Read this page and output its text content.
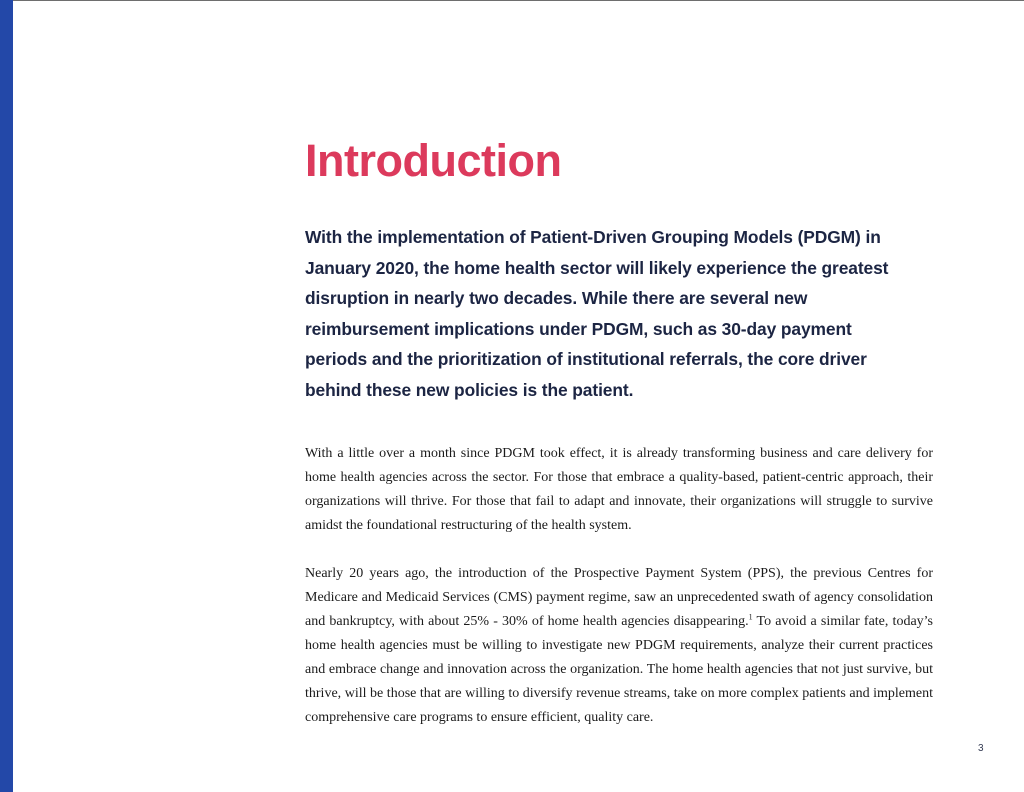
Introduction

With the implementation of Patient-Driven Grouping Models (PDGM) in January 2020, the home health sector will likely experience the greatest disruption in nearly two decades. While there are several new reimbursement implications under PDGM, such as 30-day payment periods and the prioritization of institutional referrals, the core driver behind these new policies is the patient.

With a little over a month since PDGM took effect, it is already transforming business and care delivery for home health agencies across the sector. For those that embrace a quality-based, patient-centric approach, their organizations will thrive. For those that fail to adapt and innovate, their organizations will struggle to survive amidst the foundational restructuring of the health system.

Nearly 20 years ago, the introduction of the Prospective Payment System (PPS), the previous Centres for Medicare and Medicaid Services (CMS) payment regime, saw an unprecedented swath of agency consolidation and bankruptcy, with about 25% - 30% of home health agencies disappearing.$^1$ To avoid a similar fate, today’s home health agencies must be willing to investigate new PDGM requirements, analyze their current practices and embrace change and innovation across the organization. The home health agencies that not just survive, but thrive, will be those that are willing to diversify revenue streams, take on more complex patients and implement comprehensive care programs to ensure efficient, quality care.

3
